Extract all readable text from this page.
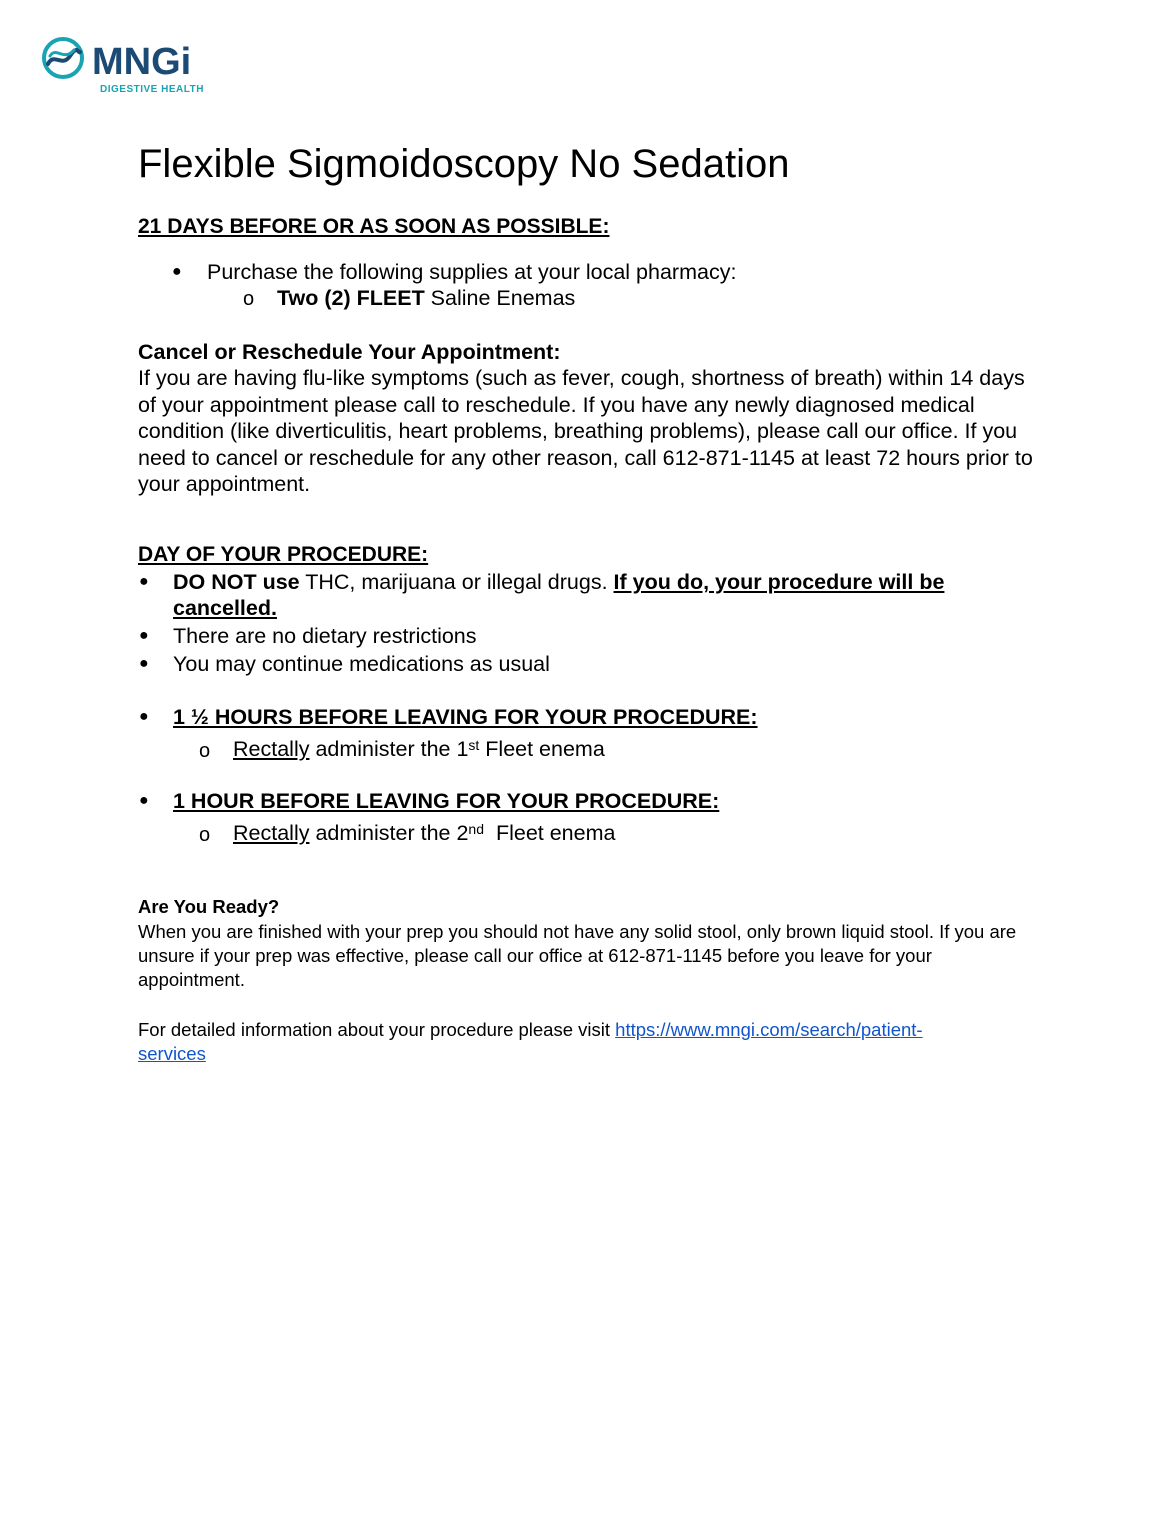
MNGi
DIGESTIVE HEALTH
Flexible Sigmoidoscopy No Sedation
21 DAYS BEFORE OR AS SOON AS POSSIBLE:
● Purchase the following supplies at your local pharmacy:
o Two (2) FLEET Saline Enemas
Cancel or Reschedule Your Appointment:

If you are having flu-like symptoms (such as fever, cough, shortness of breath) within 14 days of your appointment please call to reschedule. If you have any newly diagnosed medical condition (like diverticulitis, heart problems, breathing problems), please call our office. If you need to cancel or reschedule for any other reason, call 612-871-1145 at least 72 hours prior to your appointment.

DAY OF YOUR PROCEDURE:
● DO NOT use THC, marijuana or illegal drugs. If you do, your procedure will be
cancelled.
● There are no dietary restrictions
● You may continue medications as usual
● 1 ½ HOURS BEFORE LEAVING FOR YOUR PROCEDURE:
o Rectally administer the 1st Fleet enema
● 1 HOUR BEFORE LEAVING FOR YOUR PROCEDURE:
o Rectally administer the 2nd  Fleet enema
Are You Ready?

When you are finished with your prep you should not have any solid stool, only brown liquid stool. If you are unsure if your prep was effective, please call our office at 612-871-1145 before you leave for your appointment.

For detailed information about your procedure please visit https://www.mngi.com/search/patient-
services
